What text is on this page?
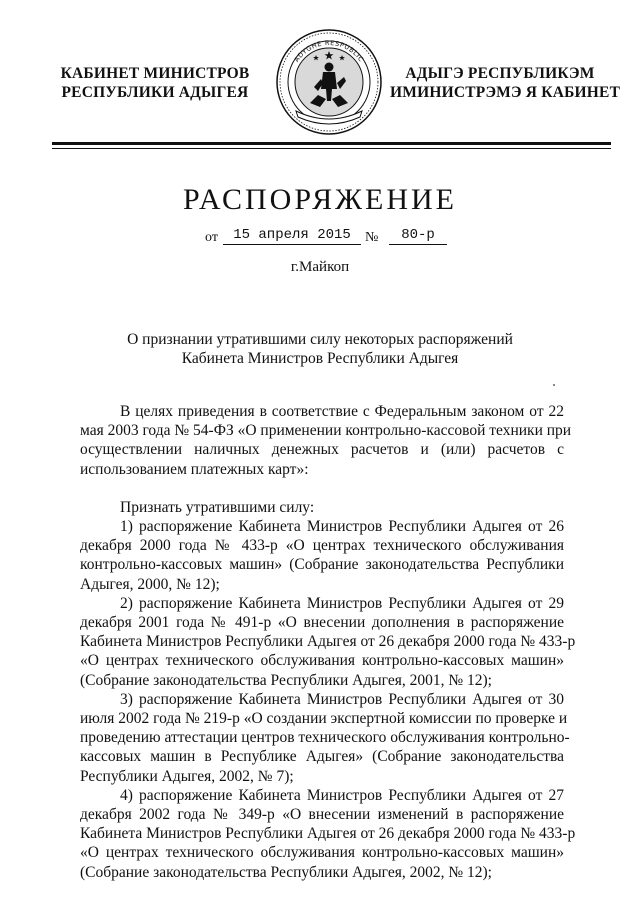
КАБИНЕТ МИНИСТРОВ
РЕСПУБЛИКИ АДЫГЕЯ
ADYGHE RESPUBLIC
АДЫГЭ РЕСПУБЛИКЭМ
ИМИНИСТРЭМЭ Я КАБИНЕТ
РАСПОРЯЖЕНИЕ
от	15 апреля 2015	№	80-р
г.Майкоп
О признании утратившими силу некоторых распоряжений
Кабинета Министров Республики Адыгея
В целях приведения в соответствие с Федеральным законом от 22
мая 2003 года № 54-ФЗ «О применении контрольно-кассовой техники при
осуществлении наличных денежных расчетов и (или) расчетов с
использованием платежных карт»:
Признать утратившими силу:
1) распоряжение Кабинета Министров Республики Адыгея от 26
декабря 2000 года № 433-р «О центрах технического обслуживания
контрольно-кассовых машин» (Собрание законодательства Республики
Адыгея, 2000, № 12);
2) распоряжение Кабинета Министров Республики Адыгея от 29
декабря 2001 года № 491-р «О внесении дополнения в распоряжение
Кабинета Министров Республики Адыгея от 26 декабря 2000 года № 433-р
«О центрах технического обслуживания контрольно-кассовых машин»
(Собрание законодательства Республики Адыгея, 2001, № 12);
3) распоряжение Кабинета Министров Республики Адыгея от 30
июля 2002 года № 219-р «О создании экспертной комиссии по проверке и
проведению аттестации центров технического обслуживания контрольно-
кассовых машин в Республике Адыгея» (Собрание законодательства
Республики Адыгея, 2002, № 7);
4) распоряжение Кабинета Министров Республики Адыгея от 27
декабря 2002 года № 349-р «О внесении изменений в распоряжение
Кабинета Министров Республики Адыгея от 26 декабря 2000 года № 433-р
«О центрах технического обслуживания контрольно-кассовых машин»
(Собрание законодательства Республики Адыгея, 2002, № 12);
